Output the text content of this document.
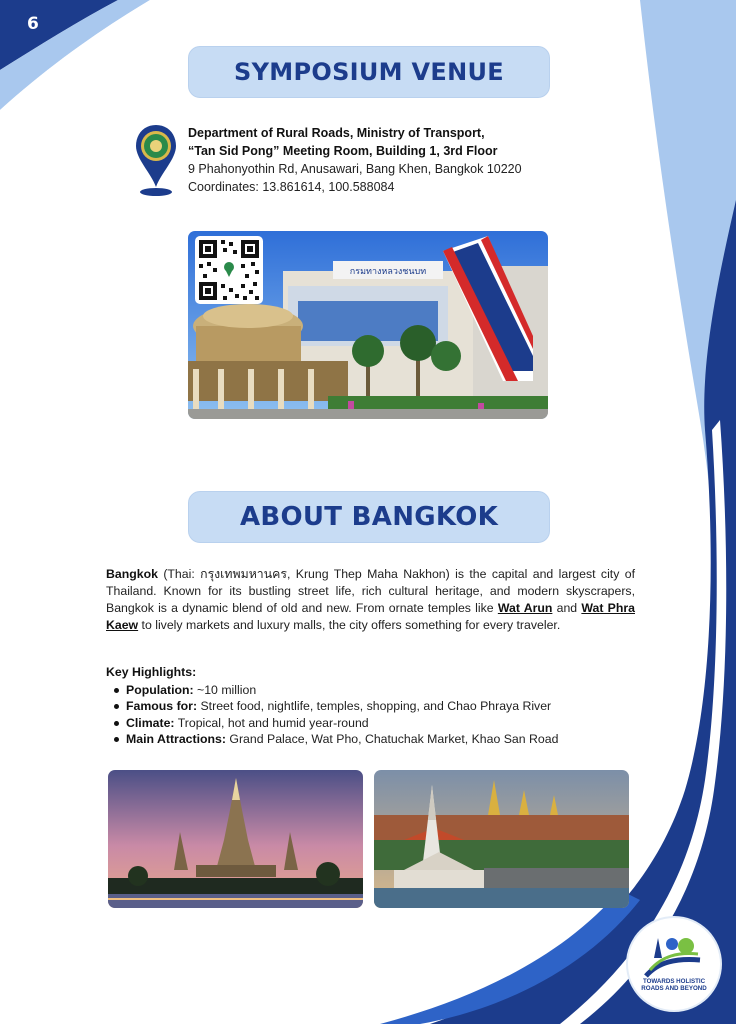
6
SYMPOSIUM VENUE
Department of Rural Roads, Ministry of Transport,
“Tan Sid Pong” Meeting Room, Building 1, 3rd Floor
9 Phahonyothin Rd, Anusawari, Bang Khen, Bangkok 10220
Coordinates: 13.861614, 100.588084
กรมทางหลวงชนบท
ABOUT BANGKOK
Bangkok (Thai: กรุงเทพมหานคร, Krung Thep Maha Nakhon) is the capital and largest city of Thailand. Known for its bustling street life, rich cultural heritage, and modern skyscrapers, Bangkok is a dynamic blend of old and new. From ornate temples like Wat Arun and Wat Phra Kaew to lively markets and luxury malls, the city offers something for every traveler.
Key Highlights:
Population: ~10 million
Famous for: Street food, nightlife, temples, shopping, and Chao Phraya River
Climate: Tropical, hot and humid year-round
Main Attractions: Grand Palace, Wat Pho, Chatuchak Market, Khao San Road
TOWARDS HOLISTIC
ROADS AND BEYOND
